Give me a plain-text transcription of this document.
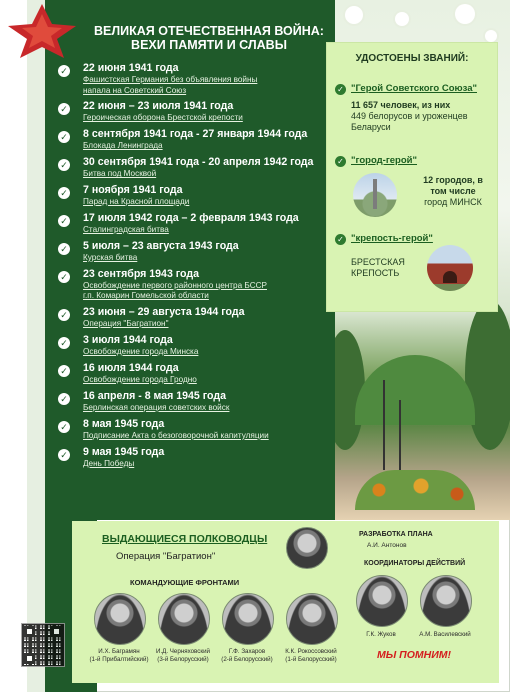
ВЕЛИКАЯ ОТЕЧЕСТВЕННАЯ ВОЙНА:
ВЕХИ ПАМЯТИ И СЛАВЫ
✓ 22 июня 1941 года
Фашистская Германия без объявления войны
напала на Советский Союз
✓ 22 июня – 23 июля 1941 года
Героическая оборона Брестской крепости
✓ 8 сентября 1941 года - 27 января 1944 года
Блокада Ленинграда
✓ 30 сентября 1941 года - 20 апреля 1942 года
Битва под Москвой
✓ 7 ноября 1941 года
Парад на Красной площади
✓ 17 июля 1942 года – 2 февраля 1943 года
Сталинградская битва
✓ 5 июля – 23 августа 1943 года
Курская битва
✓ 23 сентября 1943 года
Освобождение первого районного центра БССР
г.п. Комарин Гомельской области
✓ 23 июня – 29 августа 1944 года
Операция "Багратион"
✓ 3 июля 1944 года
Освобождение города Минска
✓ 16 июля 1944 года
Освобождение города Гродно
✓ 16 апреля - 8 мая 1945 года
Берлинская операция советских войск
✓ 8 мая 1945 года
Подписание Акта о безоговорочной капитуляции
✓ 9 мая 1945 года
День Победы
УДОСТОЕНЫ ЗВАНИЙ:
✓ "Герой Советского Союза"
11 657 человек, из них
449 белорусов и уроженцев
Беларуси
✓ "город-герой"
12 городов, в
том числе
город МИНСК
✓ "крепость-герой"
БРЕСТСКАЯ
КРЕПОСТЬ
ВЫДАЮЩИЕСЯ ПОЛКОВОДЦЫ
Операция "Багратион"
КОМАНДУЮЩИЕ ФРОНТАМИ
РАЗРАБОТКА ПЛАНА
А.И. Антонов
КООРДИНАТОРЫ ДЕЙСТВИЙ
И.Х. Баграмян
(1-й Прибалтийский)
И.Д. Черняховский
(3-й Белорусский)
Г.Ф. Захаров
(2-й Белорусский)
К.К. Рокоссовский
(1-й Белорусский)
Г.К. Жуков	А.М. Василевский
МЫ ПОМНИМ!
